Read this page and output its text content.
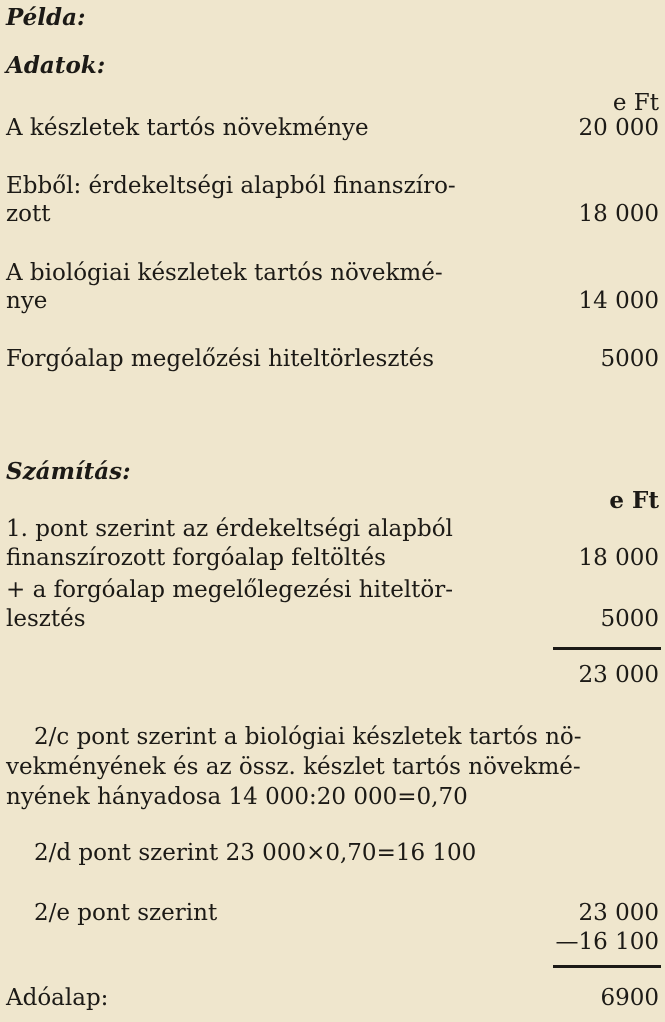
Példa:
Adatok:
e Ft
A készletek tartós növekménye	20 000
Ebből: érdekeltségi alapból finanszíro-
zott	18 000
A biológiai készletek tartós növekmé-
nye	14 000
Forgóalap megelőzési hiteltörlesztés	5000
Számítás:
e Ft
1. pont szerint az érdekeltségi alapból
finanszírozott forgóalap feltöltés	18 000
+ a forgóalap megelőlegezési hiteltör-
lesztés	5000
23 000
2/c pont szerint a biológiai készletek tartós nö-
vekményének és az össz. készlet tartós növekmé-
nyének hányadosa 14 000:20 000=0,70
2/d pont szerint 23 000×0,70=16 100
2/e pont szerint	23 000
—16 100
Adóalap:	6900
